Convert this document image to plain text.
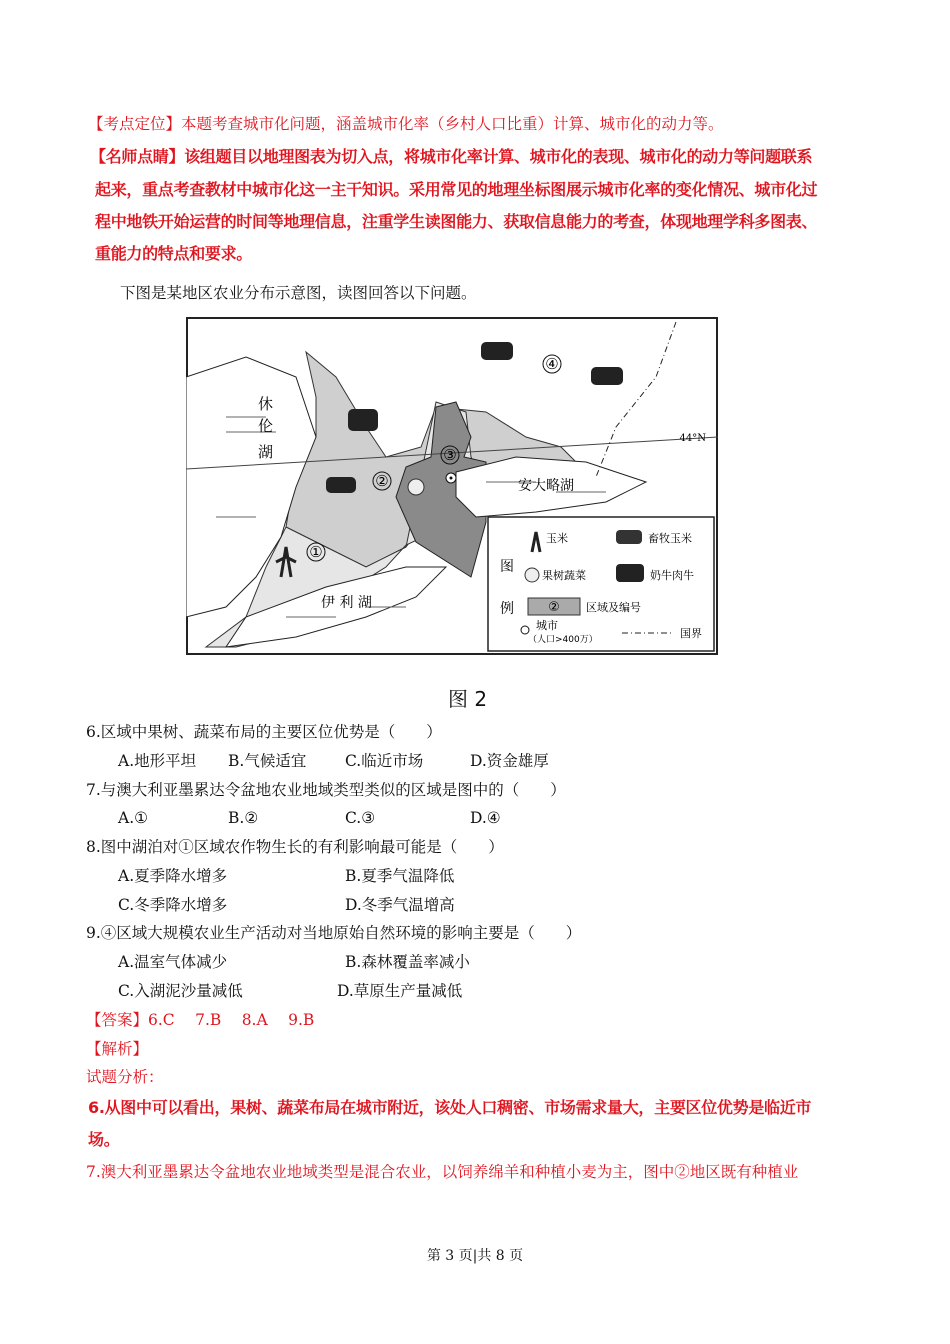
【考点定位】本题考查城市化问题，涵盖城市化率（乡村人口比重）计算、城市化的动力等。
【名师点睛】该组题目以地理图表为切入点，将城市化率计算、城市化的表现、城市化的动力等问题联系
起来，重点考查教材中城市化这一主干知识。采用常见的地理坐标图展示城市化率的变化情况、城市化过
程中地铁开始运营的时间等地理信息，注重学生读图能力、获取信息能力的考查，体现地理学科多图表、
重能力的特点和要求。
下图是某地区农业分布示意图，读图回答以下问题。
44°N
休
伦
湖
安大略湖
伊 利 湖
①
②
③
④
图
例
玉米	畜牧玉米
果树蔬菜	奶牛肉牛
② 区域及编号
城市
（人口>400万）	国界
图 2
6.区域中果树、蔬菜布局的主要区位优势是（　　）
A.地形平坦 B.气候适宜 C.临近市场	D.资金雄厚
7.与澳大利亚墨累达令盆地农业地域类型类似的区域是图中的（　　）
A.①	B.②	C.③	D.④
8.图中湖泊对①区域农作物生长的有利影响最可能是（　　）
A.夏季降水增多	B.夏季气温降低
C.冬季降水增多	D.冬季气温增高
9.④区域大规模农业生产活动对当地原始自然环境的影响主要是（　　）
A.温室气体减少	B.森林覆盖率减小
C.入湖泥沙量减低	D.草原生产量减低
【答案】6.C　 7.B　 8.A　 9.B
【解析】
试题分析：
6.从图中可以看出，果树、蔬菜布局在城市附近，该处人口稠密、市场需求量大，主要区位优势是临近市
场。
7.澳大利亚墨累达令盆地农业地域类型是混合农业，以饲养绵羊和种植小麦为主，图中②地区既有种植业
第 3 页|共 8 页
